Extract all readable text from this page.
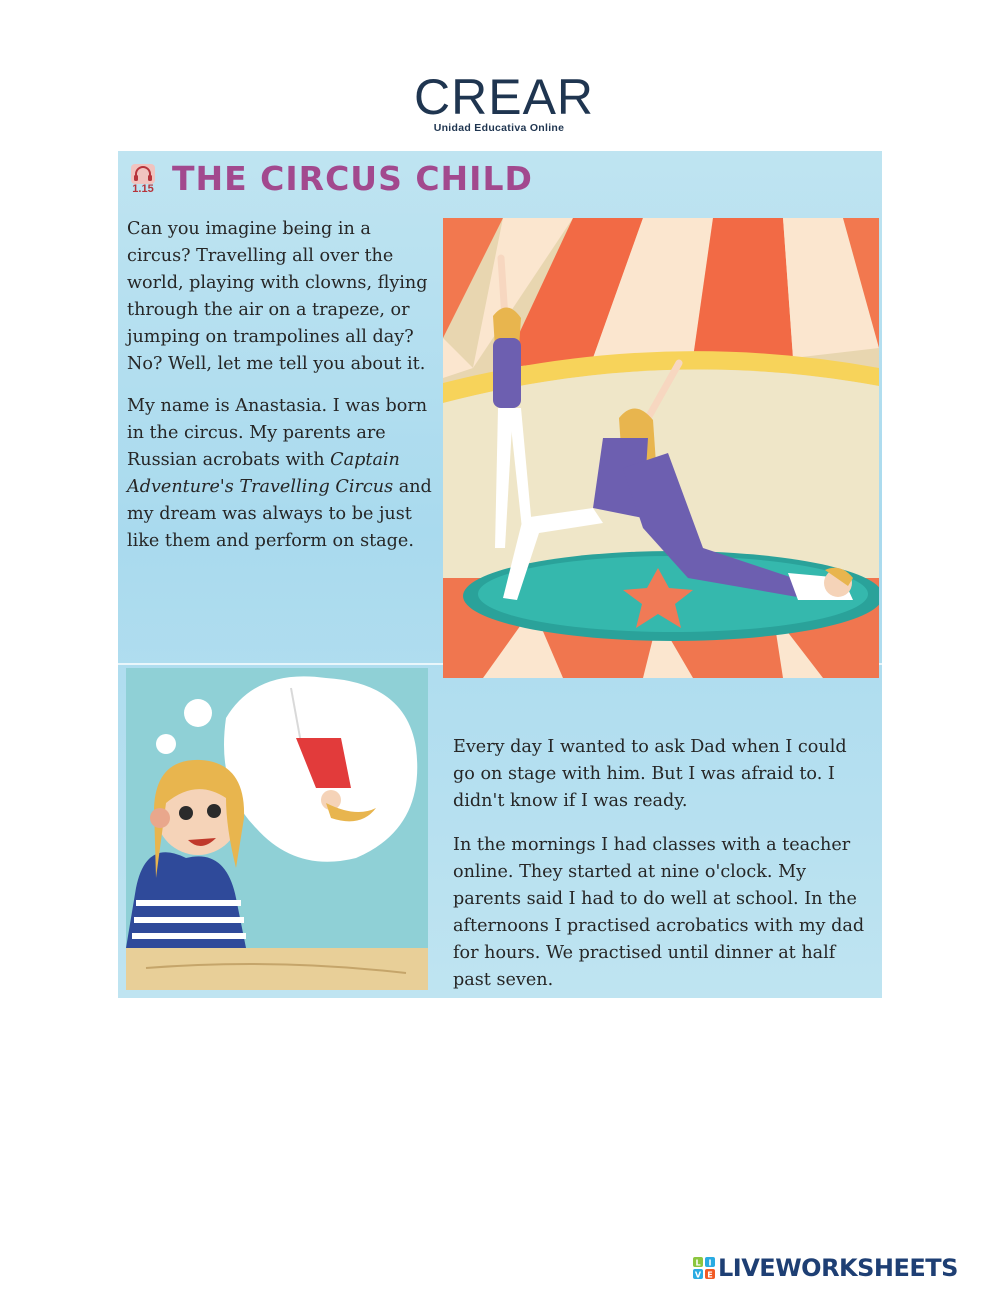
CREAR
Unidad Educativa Online
1.15 THE CIRCUS CHILD

Can you imagine being in a circus? Travelling all over the world, playing with clowns, flying through the air on a trapeze, or jumping on trampolines all day? No? Well, let me tell you about it.

My name is Anastasia. I was born in the circus. My parents are Russian acrobats with Captain Adventure's Travelling Circus and my dream was always to be just like them and perform on stage.

Every day I wanted to ask Dad when I could go on stage with him. But I was afraid to. I didn't know if I was ready.

In the mornings I had classes with a teacher online. They started at nine o'clock. My parents said I had to do well at school. In the afternoons I practised acrobatics with my dad for hours. We practised until dinner at half past seven.

L I
V E LIVEWORKSHEETS
